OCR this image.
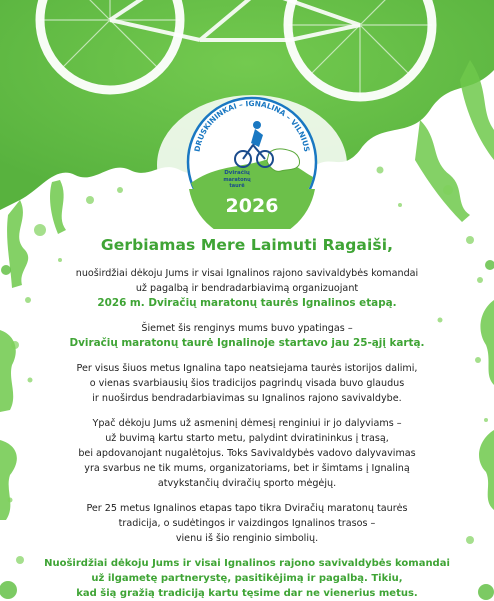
DRUSKININKAI – IGNALINA – VILNIUS
Dviračių
maratonų
taurė
2026

Gerbiamas Mere Laimuti Ragaiši,

nuoširdžiai dėkoju Jums ir visai Ignalinos rajono savivaldybės komandai

už pagalbą ir bendradarbiavimą organizuojant

2026 m. Dviračių maratonų taurės Ignalinos etapą.

Šiemet šis renginys mums buvo ypatingas –

Dviračių maratonų taurė Ignalinoje startavo jau 25-ąjį kartą.

Per visus šiuos metus Ignalina tapo neatsiejama taurės istorijos dalimi,

o vienas svarbiausių šios tradicijos pagrindų visada buvo glaudus

ir nuoširdus bendradarbiavimas su Ignalinos rajono savivaldybe.

Ypač dėkoju Jums už asmeninį dėmesį renginiui ir jo dalyviams –

už buvimą kartu starto metu, palydint dviratininkus į trasą,

bei apdovanojant nugalėtojus. Toks Savivaldybės vadovo dalyvavimas

yra svarbus ne tik mums, organizatoriams, bet ir šimtams į Ignaliną

atvykstančių dviračių sporto mėgėjų.

Per 25 metus Ignalinos etapas tapo tikra Dviračių maratonų taurės

tradicija, o sudėtingos ir vaizdingos Ignalinos trasos –

vienu iš šio renginio simbolių.

Nuoširdžiai dėkoju Jums ir visai Ignalinos rajono savivaldybės komandai

už ilgametę partnerystę, pasitikėjimą ir pagalbą. Tikiu,

kad šią gražią tradiciją kartu tęsime dar ne vienerius metus.
